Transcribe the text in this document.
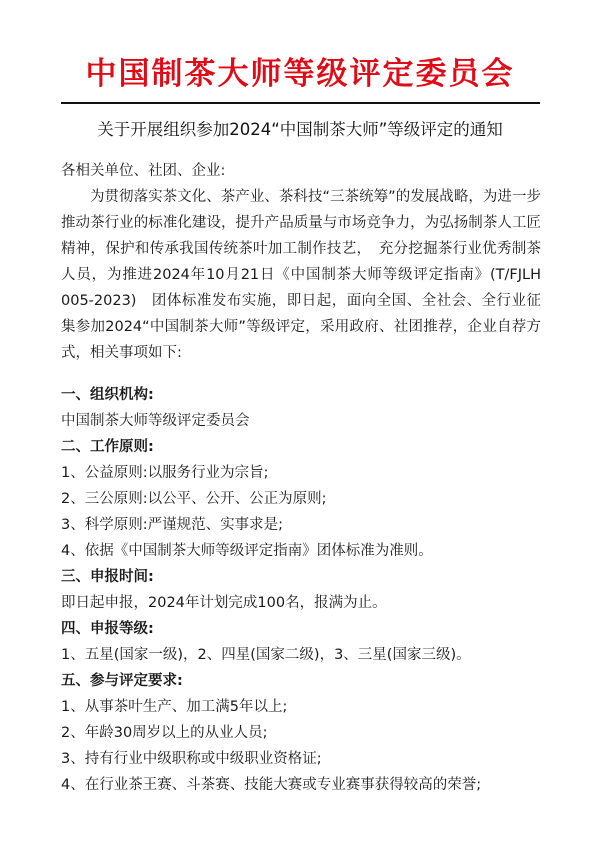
中国制茶大师等级评定委员会
关于开展组织参加2024“中国制茶大师”等级评定的通知
各相关单位、社团、企业:
为贯彻落实茶文化、茶产业、茶科技“三茶统筹”的发展战略，为进一步推动茶行业的标准化建设，提升产品质量与市场竞争力，为弘扬制茶人工匠精神，保护和传承我国传统茶叶加工制作技艺，　充分挖掘茶行业优秀制茶人员，为推进2024年10月21日《中国制茶大师等级评定指南》(T/FJLH　005-2023)　团体标准发布实施，即日起，面向全国、全社会、全行业征集参加2024“中国制茶大师”等级评定，采用政府、社团推荐，企业自荐方式，相关事项如下:
一、组织机构:
中国制茶大师等级评定委员会
二、工作原则:
1、公益原则:以服务行业为宗旨;
2、三公原则:以公平、公开、公正为原则;
3、科学原则:严谨规范、实事求是;
4、依据《中国制茶大师等级评定指南》团体标准为准则。
三、申报时间:
即日起申报，2024年计划完成100名，报满为止。
四、申报等级:
1、五星(国家一级)，2、四星(国家二级)，3、三星(国家三级)。
五、参与评定要求:
1、从事茶叶生产、加工满5年以上;
2、年龄30周岁以上的从业人员;
3、持有行业中级职称或中级职业资格证;
4、在行业茶王赛、斗茶赛、技能大赛或专业赛事获得较高的荣誉;
